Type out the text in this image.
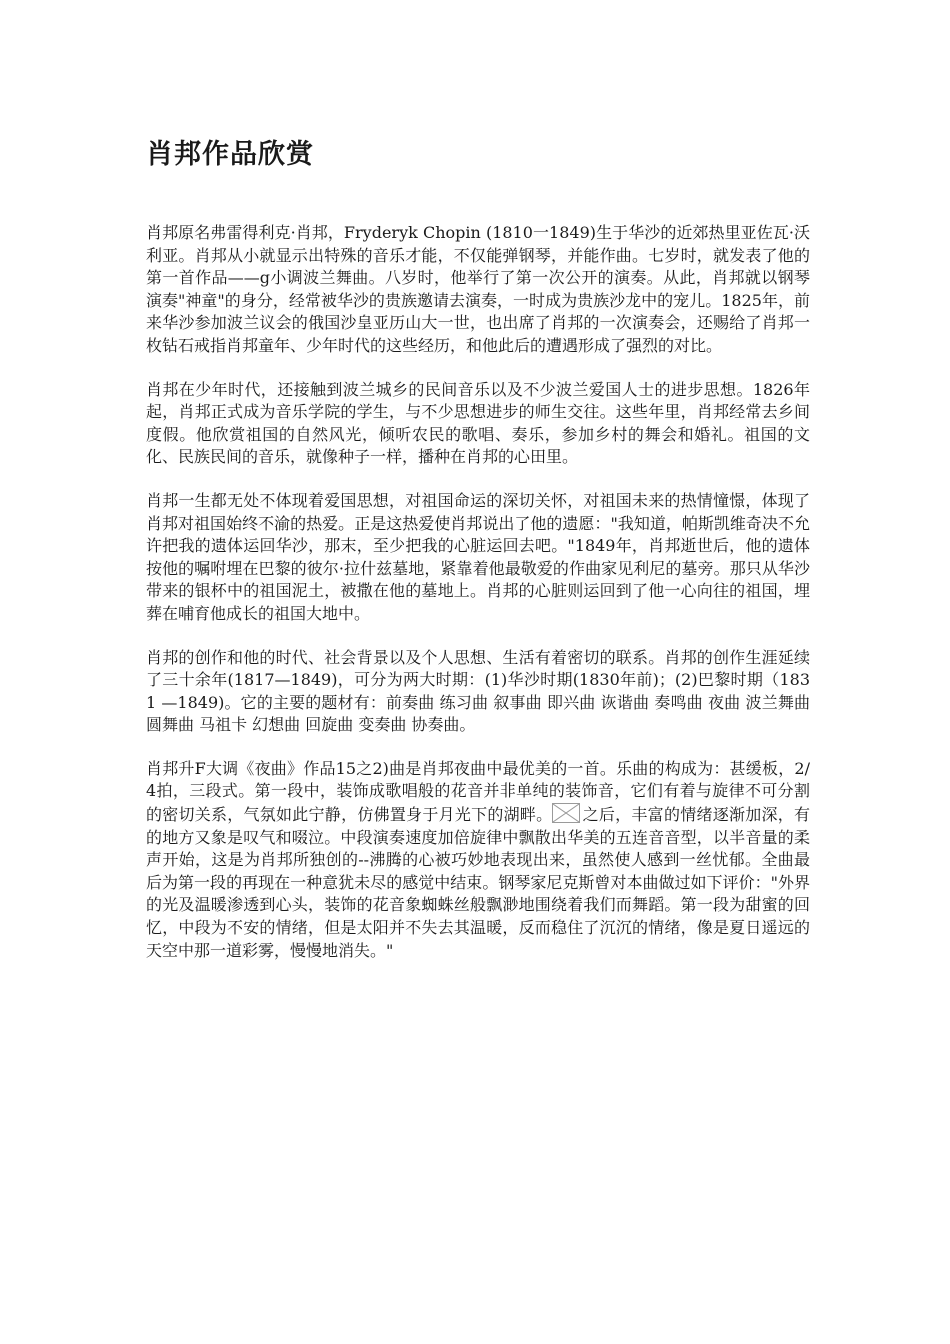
肖邦作品欣赏

肖邦原名弗雷得利克·肖邦，Fryderyk Chopin (1810一1849)生于华沙的近郊热里亚佐瓦·沃利亚。肖邦从小就显示出特殊的音乐才能，不仅能弹钢琴，并能作曲。七岁时，就发表了他的第一首作品——g小调波兰舞曲。八岁时，他举行了第一次公开的演奏。从此，肖邦就以钢琴演奏"神童"的身分，经常被华沙的贵族邀请去演奏，一时成为贵族沙龙中的宠儿。1825年，前来华沙参加波兰议会的俄国沙皇亚历山大一世，也出席了肖邦的一次演奏会，还赐给了肖邦一枚钻石戒指肖邦童年、少年时代的这些经历，和他此后的遭遇形成了强烈的对比。

肖邦在少年时代，还接触到波兰城乡的民间音乐以及不少波兰爱国人士的进步思想。1826年起，肖邦正式成为音乐学院的学生，与不少思想进步的师生交往。这些年里，肖邦经常去乡间度假。他欣赏祖国的自然风光，倾听农民的歌唱、奏乐，参加乡村的舞会和婚礼。祖国的文化、民族民间的音乐，就像种子一样，播种在肖邦的心田里。

肖邦一生都无处不体现着爱国思想，对祖国命运的深切关怀，对祖国未来的热情憧憬，体现了肖邦对祖国始终不渝的热爱。正是这热爱使肖邦说出了他的遗愿："我知道，帕斯凯维奇决不允许把我的遗体运回华沙，那末，至少把我的心脏运回去吧。"1849年，肖邦逝世后，他的遗体按他的嘱咐埋在巴黎的彼尔·拉什兹墓地，紧靠着他最敬爱的作曲家见利尼的墓旁。那只从华沙带来的银杯中的祖国泥土，被撒在他的墓地上。肖邦的心脏则运回到了他一心向往的祖国，埋葬在哺育他成长的祖国大地中。

肖邦的创作和他的时代、社会背景以及个人思想、生活有着密切的联系。肖邦的创作生涯延续了三十余年(1817—1849)，可分为两大时期：(1)华沙时期(1830年前)；(2)巴黎时期（1831 —1849)。它的主要的题材有：前奏曲 练习曲 叙事曲 即兴曲 诙谐曲 奏鸣曲 夜曲 波兰舞曲 圆舞曲 马祖卡 幻想曲 回旋曲 变奏曲 协奏曲。

肖邦升F大调《夜曲》作品15之2)曲是肖邦夜曲中最优美的一首。乐曲的构成为：甚缓板，2/4拍，三段式。第一段中，装饰成歌唱般的花音并非单纯的装饰音，它们有着与旋律不可分割的密切关系，气氛如此宁静，仿佛置身于月光下的湖畔。 之后，丰富的情绪逐渐加深，有的地方又象是叹气和啜泣。中段演奏速度加倍旋律中飘散出华美的五连音音型，以半音量的柔声开始，这是为肖邦所独创的--沸腾的心被巧妙地表现出来，虽然使人感到一丝忧郁。全曲最后为第一段的再现在一种意犹未尽的感觉中结束。钢琴家尼克斯曾对本曲做过如下评价："外界的光及温暖渗透到心头，装饰的花音象蜘蛛丝般飘渺地围绕着我们而舞蹈。第一段为甜蜜的回忆，中段为不安的情绪，但是太阳并不失去其温暖，反而稳住了沉沉的情绪，像是夏日遥远的天空中那一道彩雾，慢慢地消失。"
